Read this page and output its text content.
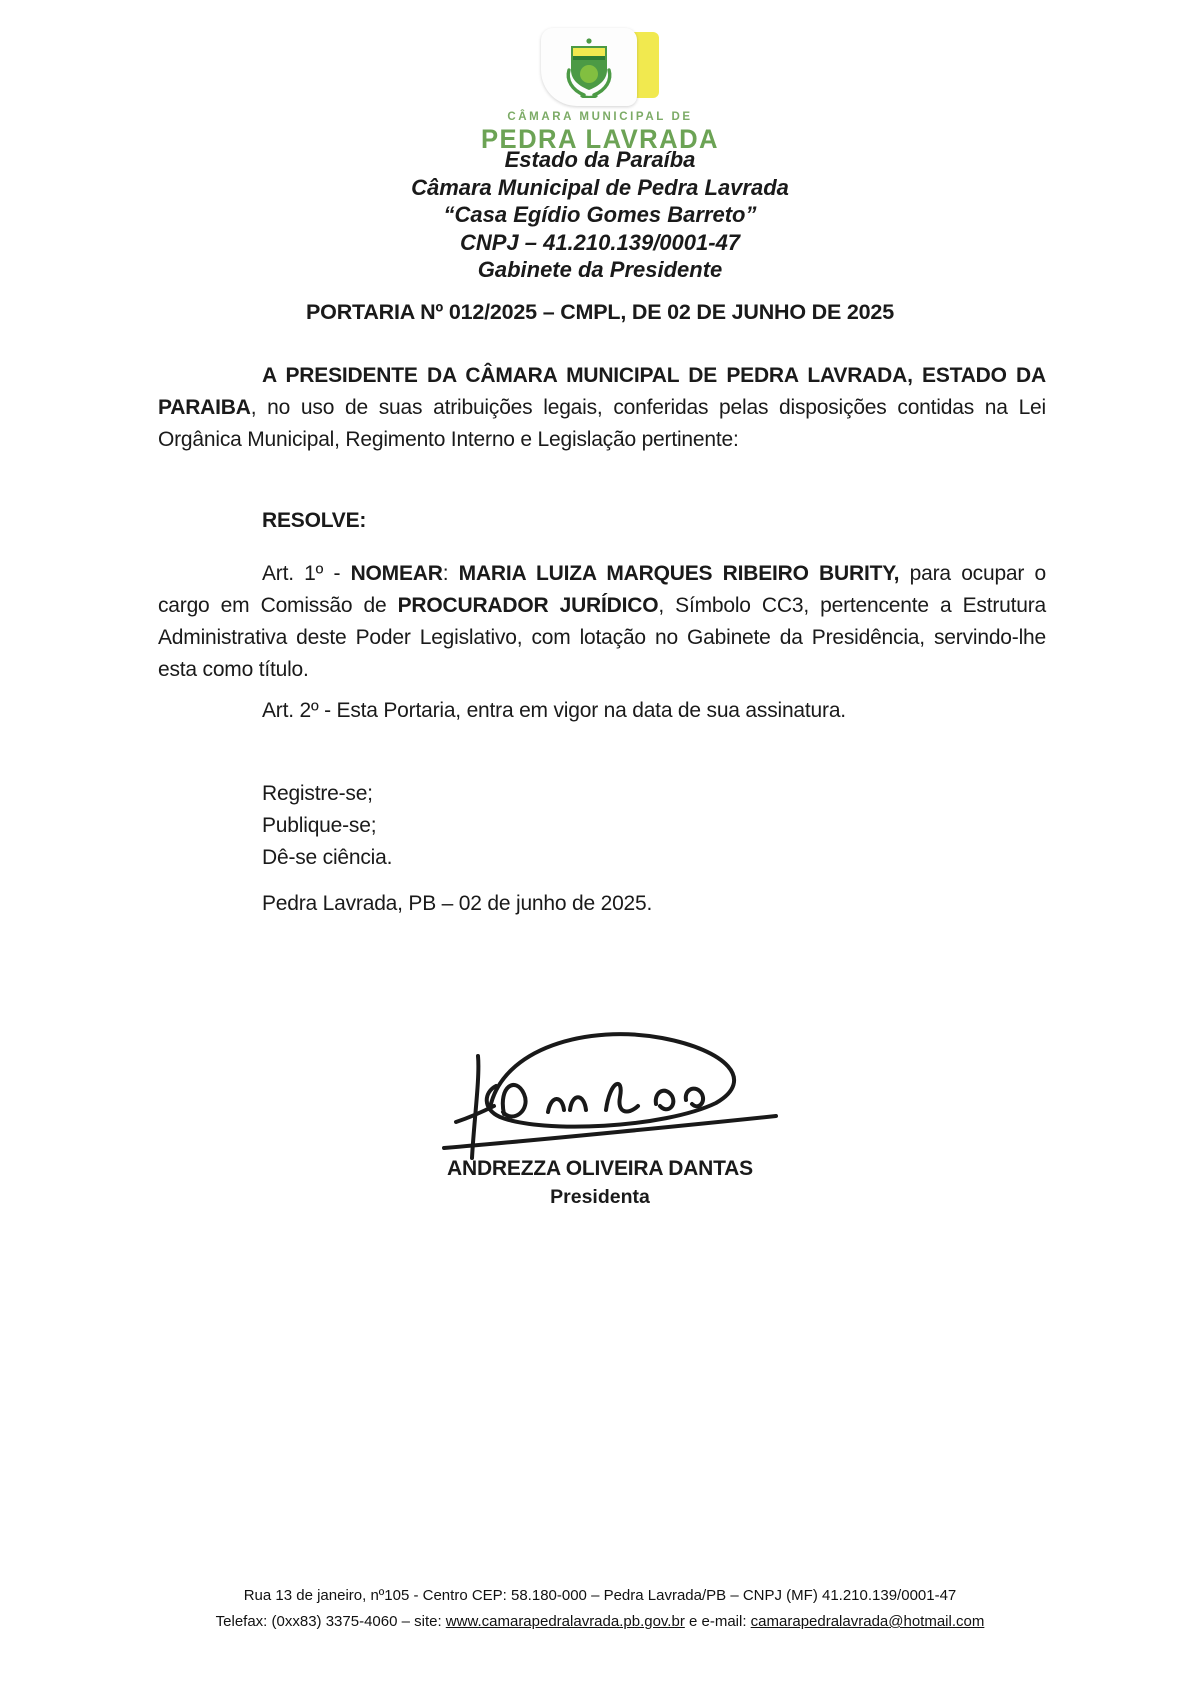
CÂMARA MUNICIPAL DE
PEDRA LAVRADA
Estado da Paraíba
Câmara Municipal de Pedra Lavrada
“Casa Egídio Gomes Barreto”
CNPJ – 41.210.139/0001-47
Gabinete da Presidente
PORTARIA Nº 012/2025 – CMPL, DE 02 DE JUNHO DE 2025

A PRESIDENTE DA CÂMARA MUNICIPAL DE PEDRA LAVRADA, ESTADO DA PARAIBA, no uso de suas atribuições legais, conferidas pelas disposições contidas na Lei Orgânica Municipal, Regimento Interno e Legislação pertinente:

RESOLVE:

Art. 1º - NOMEAR: MARIA LUIZA MARQUES RIBEIRO BURITY, para ocupar o cargo em Comissão de PROCURADOR JURÍDICO, Símbolo CC3, pertencente a Estrutura Administrativa deste Poder Legislativo, com lotação no Gabinete da Presidência, servindo-lhe esta como título.

Art. 2º - Esta Portaria, entra em vigor na data de sua assinatura.

Registre-se;
Publique-se;
Dê-se ciência.
Pedra Lavrada, PB – 02 de junho de 2025.
ANDREZZA OLIVEIRA DANTAS
Presidenta
Rua 13 de janeiro, nº105 - Centro CEP: 58.180-000 – Pedra Lavrada/PB – CNPJ (MF) 41.210.139/0001-47
Telefax: (0xx83) 3375-4060 – site: www.camarapedralavrada.pb.gov.br e e-mail: camarapedralavrada@hotmail.com
